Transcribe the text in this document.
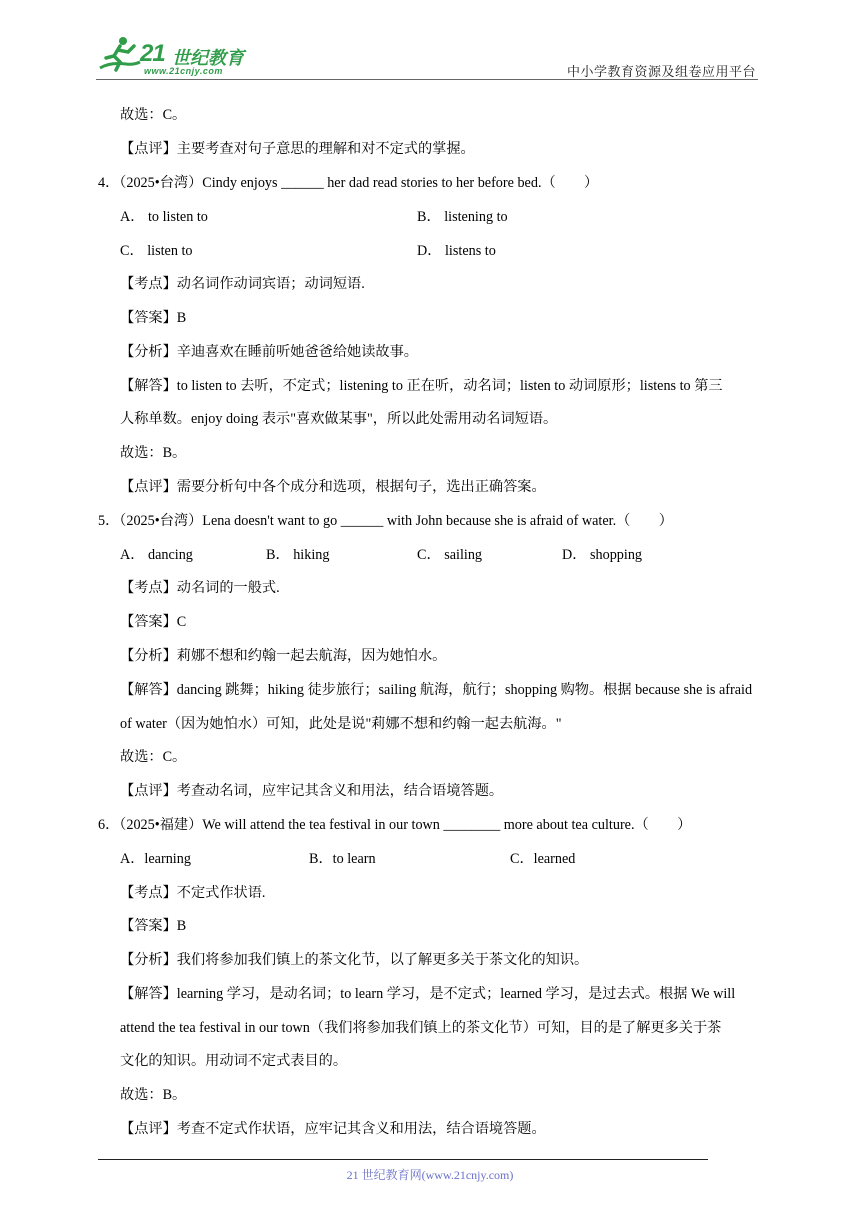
21 世纪教育
www.21cnjy.com	中小学教育资源及组卷应用平台
故选：C。
【点评】主要考查对句子意思的理解和对不定式的掌握。
4．（2025•台湾）Cindy enjoys ______ her dad read stories to her before bed.（　　）
A． to listen to	B． listening to
C． listen to	D． listens to
【考点】动名词作动词宾语；动词短语.
【答案】B
【分析】辛迪喜欢在睡前听她爸爸给她读故事。
【解答】to listen to 去听，不定式；listening to 正在听，动名词；listen to 动词原形；listens to 第三
人称单数。enjoy doing 表示"喜欢做某事"，所以此处需用动名词短语。
故选：B。
【点评】需要分析句中各个成分和选项，根据句子，选出正确答案。
5．（2025•台湾）Lena doesn't want to go ______ with John because she is afraid of water.（　　）
A． dancing	B． hiking	C． sailing	D． shopping
【考点】动名词的一般式.
【答案】C
【分析】莉娜不想和约翰一起去航海，因为她怕水。
【解答】dancing 跳舞；hiking 徒步旅行；sailing 航海，航行；shopping 购物。根据 because she is afraid
of water（因为她怕水）可知，此处是说"莉娜不想和约翰一起去航海。"
故选：C。
【点评】考查动名词，应牢记其含义和用法，结合语境答题。
6．（2025•福建）We will attend the tea festival in our town ________ more about tea culture.（　　）
A．learning	B．to learn	C．learned
【考点】不定式作状语.
【答案】B
【分析】我们将参加我们镇上的茶文化节，以了解更多关于茶文化的知识。
【解答】learning 学习，是动名词；to learn 学习，是不定式；learned 学习，是过去式。根据 We will
attend the tea festival in our town（我们将参加我们镇上的茶文化节）可知，目的是了解更多关于茶
文化的知识。用动词不定式表目的。
故选：B。
【点评】考查不定式作状语，应牢记其含义和用法，结合语境答题。
21 世纪教育网(www.21cnjy.com)
